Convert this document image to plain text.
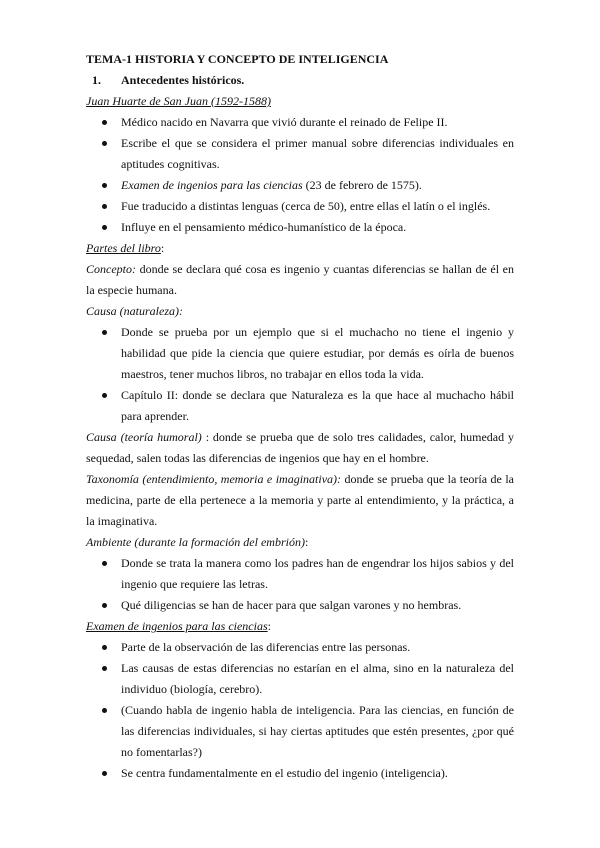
TEMA-1 HISTORIA Y CONCEPTO DE INTELIGENCIA

1.	Antecedentes históricos.

Juan Huarte de San Juan (1592-1588)

Médico nacido en Navarra que vivió durante el reinado de Felipe II.
Escribe el que se considera el primer manual sobre diferencias individuales en aptitudes cognitivas.
Examen de ingenios para las ciencias (23 de febrero de 1575).
Fue traducido a distintas lenguas (cerca de 50), entre ellas el latín o el inglés.
Influye en el pensamiento médico-humanístico de la época.

Partes del libro:

Concepto: donde se declara qué cosa es ingenio y cuantas diferencias se hallan de él en la especie humana.

Causa (naturaleza):

Donde se prueba por un ejemplo que si el muchacho no tiene el ingenio y habilidad que pide la ciencia que quiere estudiar, por demás es oírla de buenos maestros, tener muchos libros, no trabajar en ellos toda la vida.
Capítulo II: donde se declara que Naturaleza es la que hace al muchacho hábil para aprender.

Causa (teoría humoral) : donde se prueba que de solo tres calidades, calor, humedad y sequedad, salen todas las diferencias de ingenios que hay en el hombre.

Taxonomía (entendimiento, memoria e imaginativa): donde se prueba que la teoría de la medicina, parte de ella pertenece a la memoria y parte al entendimiento, y la práctica, a la imaginativa.

Ambiente (durante la formación del embrión):

Donde se trata la manera como los padres han de engendrar los hijos sabios y del ingenio que requiere las letras.
Qué diligencias se han de hacer para que salgan varones y no hembras.

Examen de ingenios para las ciencias:

Parte de la observación de las diferencias entre las personas.
Las causas de estas diferencias no estarían en el alma, sino en la naturaleza del individuo (biología, cerebro).
(Cuando habla de ingenio habla de inteligencia. Para las ciencias, en función de las diferencias individuales, si hay ciertas aptitudes que estén presentes, ¿por qué no fomentarlas?)
Se centra fundamentalmente en el estudio del ingenio (inteligencia).
